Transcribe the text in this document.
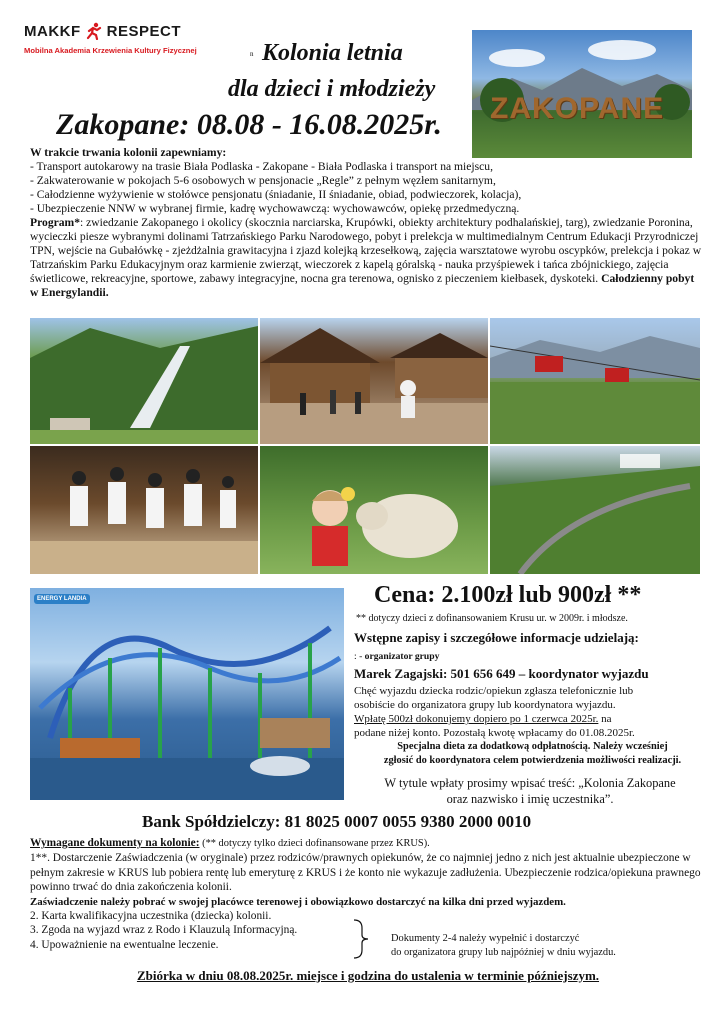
MAKKF RESPECT
Mobilna Akademia Krzewienia Kultury Fizycznej	n Kolonia letnia
dla dzieci i młodzieży
Zakopane: 08.08 - 16.08.2025r. ZAKOPANE

W trakcie trwania kolonii zapewniamy:

- Transport autokarowy na trasie Biała Podlaska - Zakopane - Biała Podlaska i transport na miejscu,

- Zakwaterowanie w pokojach 5-6 osobowych w pensjonacie „Regle” z pełnym węzłem sanitarnym,

- Całodzienne wyżywienie w stołówce pensjonatu (śniadanie, II śniadanie, obiad, podwieczorek, kolacja),

- Ubezpieczenie NNW w wybranej firmie, kadrę wychowawczą: wychowawców, opiekę przedmedyczną.

Program*: zwiedzanie Zakopanego i okolicy (skocznia narciarska, Krupówki, obiekty architektury podhalańskiej, targ), zwiedzanie Poronina, wycieczki piesze wybranymi dolinami Tatrzańskiego Parku Narodowego, pobyt i prelekcja w multimedialnym Centrum Edukacji Przyrodniczej TPN, wejście na Gubałówkę - zjeżdżalnia grawitacyjna i zjazd kolejką krzesełkową, zajęcia warsztatowe wyrobu oscypków, prelekcja i pokaz w Tatrzańskim Parku Edukacyjnym oraz karmienie zwierząt, wieczorek z kapelą góralską - nauka przyśpiewek i tańca zbójnickiego, zajęcia świetlicowe, rekreacyjne, sportowe, zabawy integracyjne, nocna gra terenowa, ognisko z pieczeniem kiełbasek, dyskoteki. Całodzienny pobyt w Energylandii.

ENERGY LANDIA	Cena: 2.100zł lub 900zł **
** dotyczy dzieci z dofinansowaniem Krusu ur. w 2009r. i młodsze.
Wstępne zapisy i szczegółowe informacje udzielają:
: - organizator grupy
Marek Zagajski: 501 656 649 – koordynator wyjazdu

Chęć wyjazdu dziecka rodzic/opiekun zgłasza telefonicznie lub

osobiście do organizatora grupy lub koordynatora wyjazdu.

Wpłatę 500zł dokonujemy dopiero po 1 czerwca 2025r. na

podane niżej konto. Pozostałą kwotę wpłacamy do 01.08.2025r.

Specjalna dieta za dodatkową odpłatnością. Należy wcześniej
zgłosić do koordynatora celem potwierdzenia możliwości realizacji.
W tytule wpłaty prosimy wpisać treść: „Kolonia Zakopane
oraz nazwisko i imię uczestnika”.
Bank Spółdzielczy: 81 8025 0007 0055 9380 2000 0010

Wymagane dokumenty na kolonie: (** dotyczy tylko dzieci dofinansowane przez KRUS).

1**. Dostarczenie Zaświadczenia (w oryginale) przez rodziców/prawnych opiekunów, że co najmniej jedno z nich jest aktualnie ubezpieczone w pełnym zakresie w KRUS lub pobiera rentę lub emeryturę z KRUS i że konto nie wykazuje zadłużenia. Ubezpieczenie rodzica/opiekuna prawnego powinno trwać do dnia zakończenia kolonii.

Zaświadczenie należy pobrać w swojej placówce terenowej i obowiązkowo dostarczyć na kilka dni przed wyjazdem.

2. Karta kwalifikacyjna uczestnika (dziecka) kolonii.

3. Zgoda na wyjazd wraz z Rodo i Klauzulą Informacyjną.

4. Upoważnienie na ewentualne leczenie.

Dokumenty 2-4 należy wypełnić i dostarczyć
do organizatora grupy lub najpóźniej w dniu wyjazdu.
Zbiórka w dniu 08.08.2025r. miejsce i godzina do ustalenia w terminie późniejszym.
